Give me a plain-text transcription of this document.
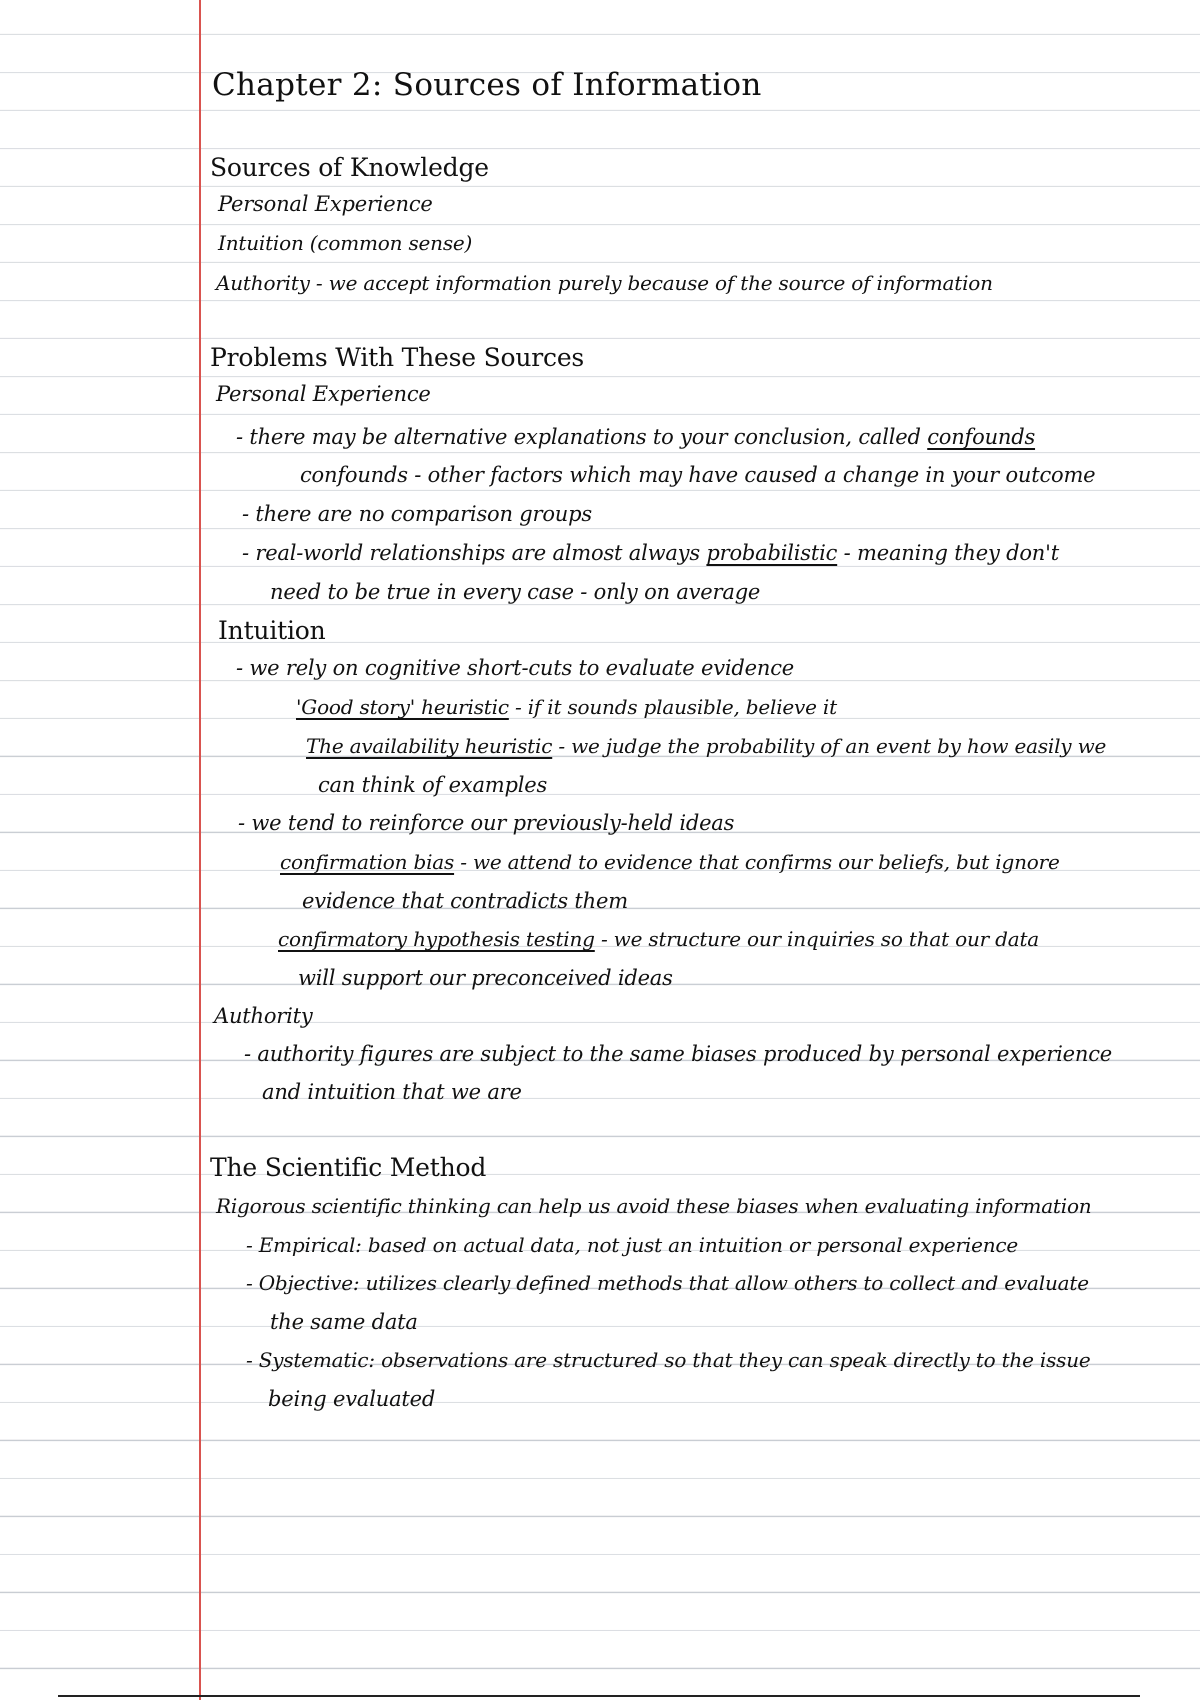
Chapter 2: Sources of Information
Sources of Knowledge
Personal Experience
Intuition (common sense)
Authority - we accept information purely because of the source of information
Problems With These Sources
Personal Experience
- there may be alternative explanations to your conclusion, called confounds
confounds - other factors which may have caused a change in your outcome
- there are no comparison groups
- real-world relationships are almost always probabilistic - meaning they don't
need to be true in every case - only on average
Intuition
- we rely on cognitive short-cuts to evaluate evidence
'Good story' heuristic - if it sounds plausible, believe it
The availability heuristic - we judge the probability of an event by how easily we
can think of examples
- we tend to reinforce our previously-held ideas
confirmation bias - we attend to evidence that confirms our beliefs, but ignore
evidence that contradicts them
confirmatory hypothesis testing - we structure our inquiries so that our data
will support our preconceived ideas
Authority
- authority figures are subject to the same biases produced by personal experience
and intuition that we are
The Scientific Method
Rigorous scientific thinking can help us avoid these biases when evaluating information
- Empirical: based on actual data, not just an intuition or personal experience
- Objective: utilizes clearly defined methods that allow others to collect and evaluate
the same data
- Systematic: observations are structured so that they can speak directly to the issue
being evaluated
